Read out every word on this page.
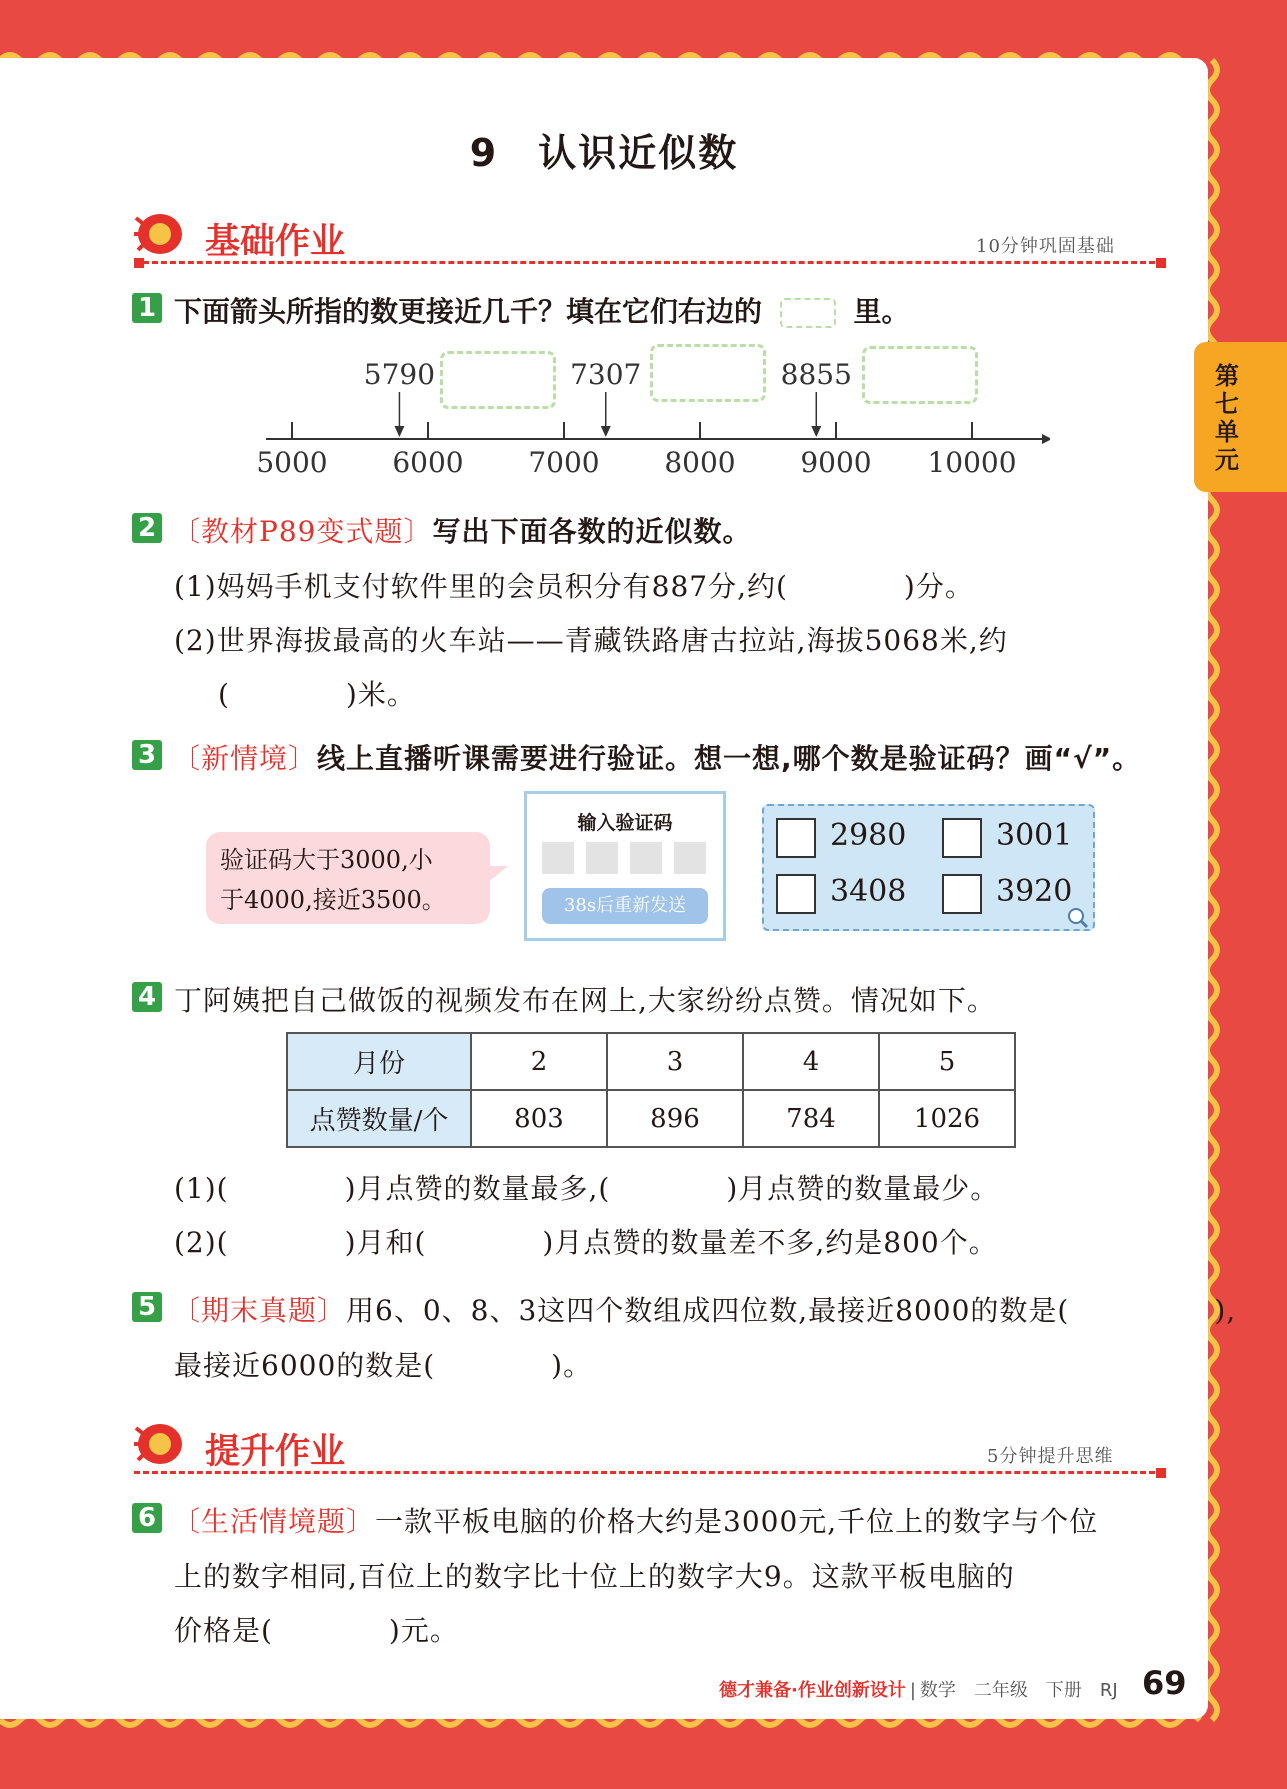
第七单元
9　认识近似数
基础作业	10分钟巩固基础
1 下面箭头所指的数更接近几千？填在它们右边的	里。
5000 6000 7000 8000 9000 10000
5790	7307	8855
2 〔教材P89变式题〕写出下面各数的近似数。
(1)妈妈手机支付软件里的会员积分有887分,约(　　　　)分。
(2)世界海拔最高的火车站——青藏铁路唐古拉站,海拔5068米,约
(　　　　)米。
3 〔新情境〕线上直播听课需要进行验证。想一想,哪个数是验证码？画“√”。
验证码大于3000,小
于4000,接近3500。
输入验证码
38s后重新发送
2980	3001
3408	3920
4 丁阿姨把自己做饭的视频发布在网上,大家纷纷点赞。情况如下。
月份	2	3	4	5
点赞数量/个	803	896	784	1026
(1)(　　　　)月点赞的数量最多,(　　　　)月点赞的数量最少。
(2)(　　　　)月和(　　　　)月点赞的数量差不多,约是800个。
5 〔期末真题〕用6、0、8、3这四个数组成四位数,最接近8000的数是(　　　　　),
最接近6000的数是(　　　　)。
提升作业	5分钟提升思维
6 〔生活情境题〕一款平板电脑的价格大约是3000元,千位上的数字与个位
上的数字相同,百位上的数字比十位上的数字大9。这款平板电脑的
价格是(　　　　)元。
德才兼备·作业创新设计 | 数学　二年级　下册　RJ 69
